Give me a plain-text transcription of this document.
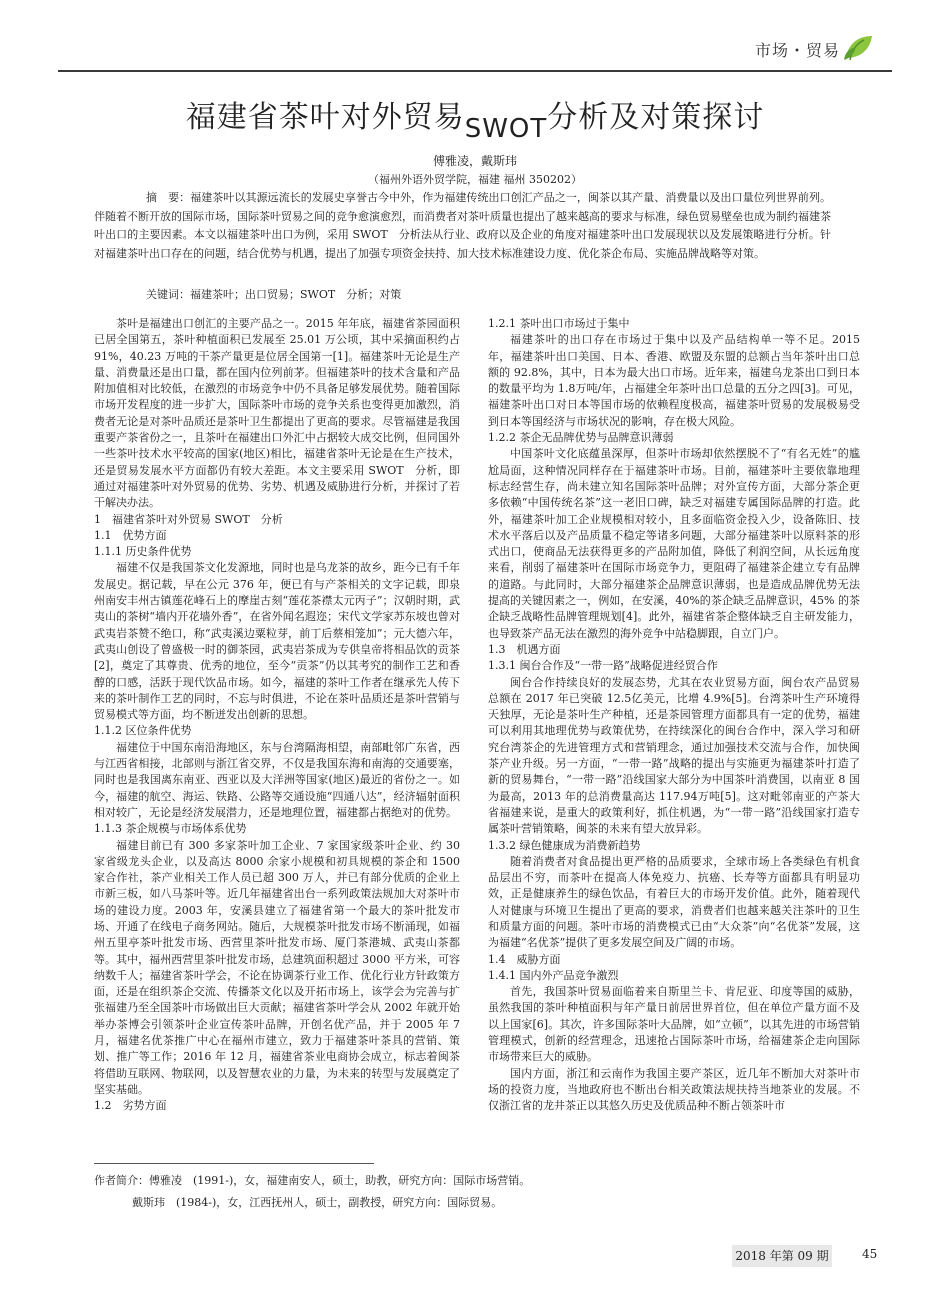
市场・贸易
福建省茶叶对外贸易SWOT分析及对策探讨
傅雅凌，戴斯玮
（福州外语外贸学院，福建 福州 350202）
摘　要：福建茶叶以其源远流长的发展史享誉古今中外，作为福建传统出口创汇产品之一，闽茶以其产量、消费量以及出口量位列世界前列。伴随着不断开放的国际市场，国际茶叶贸易之间的竞争愈演愈烈，而消费者对茶叶质量也提出了越来越高的要求与标准，绿色贸易壁垒也成为制约福建茶叶出口的主要因素。本文以福建茶叶出口为例，采用 SWOT　分析法从行业、政府以及企业的角度对福建茶叶出口发展现状以及发展策略进行分析。针对福建茶叶出口存在的问题，结合优势与机遇，提出了加强专项资金扶持、加大技术标准建设力度、优化茶企布局、实施品牌战略等对策。
关键词：福建茶叶；出口贸易；SWOT　分析；对策

茶叶是福建出口创汇的主要产品之一。2015 年年底，福建省茶园面积已居全国第五，茶叶种植面积已发展至 25.01 万公顷，其中采摘面积约占 91%，40.23 万吨的干茶产量更是位居全国第一[1]。福建茶叶无论是生产量、消费量还是出口量，都在国内位列前茅。但福建茶叶的技术含量和产品附加值相对比较低，在激烈的市场竞争中仍不具备足够发展优势。随着国际市场开发程度的进一步扩大，国际茶叶市场的竞争关系也变得更加激烈，消费者无论是对茶叶品质还是茶叶卫生都提出了更高的要求。尽管福建是我国重要产茶省份之一，且茶叶在福建出口外汇中占据较大成交比例，但同国外一些茶叶技术水平较高的国家(地区)相比，福建省茶叶无论是在生产技术，还是贸易发展水平方面都仍有较大差距。本文主要采用 SWOT　分析，即通过对福建茶叶对外贸易的优势、劣势、机遇及威胁进行分析，并探讨了若干解决办法。

1　福建省茶叶对外贸易 SWOT　分析
1.1　优势方面
1.1.1 历史条件优势

福建不仅是我国茶文化发源地，同时也是乌龙茶的故乡，距今已有千年发展史。据记载，早在公元 376 年，便已有与产茶相关的文字记载，即泉州南安丰州古镇莲花峰石上的摩崖古刻“莲花茶襟太元丙子”；汉朝时期，武夷山的茶树“墙内开花墙外香”，在省外闻名遐迩；宋代文学家苏东坡也曾对武夷岩茶赞不绝口，称“武夷溪边粟粒芽，前丁后蔡相笼加”；元大德六年，武夷山创设了曾盛极一时的御茶园，武夷岩茶成为专供皇帝将相品饮的贡茶[2]，奠定了其尊贵、优秀的地位，至今“贡茶”仍以其考究的制作工艺和香醇的口感，活跃于现代饮品市场。如今，福建的茶叶工作者在继承先人传下来的茶叶制作工艺的同时，不忘与时俱进，不论在茶叶品质还是茶叶营销与贸易模式等方面，均不断迸发出创新的思想。

1.1.2 区位条件优势

福建位于中国东南沿海地区，东与台湾隔海相望，南部毗邻广东省，西与江西省相接，北部则与浙江省交界，不仅是我国东海和南海的交通要塞，同时也是我国离东南亚、西亚以及大洋洲等国家(地区)最近的省份之一。如今，福建的航空、海运、铁路、公路等交通设施“四通八达”，经济辐射面积相对较广，无论是经济发展潜力，还是地理位置，福建都占据绝对的优势。

1.1.3 茶企规模与市场体系优势

福建目前已有 300 多家茶叶加工企业、7 家国家级茶叶企业、约 30 家省级龙头企业，以及高达 8000 余家小规模和初具规模的茶企和 1500 家合作社，茶产业相关工作人员已超 300 万人，并已有部分优质的企业上市新三板，如八马茶叶等。近几年福建省出台一系列政策法规加大对茶叶市场的建设力度。2003 年，安溪县建立了福建省第一个最大的茶叶批发市场、开通了在线电子商务网站。随后，大规模茶叶批发市场不断涌现，如福州五里亭茶叶批发市场、西营里茶叶批发市场、厦门茶港城、武夷山茶都等。其中，福州西营里茶叶批发市场，总建筑面积超过 3000 平方米，可容纳数千人；福建省茶叶学会，不论在协调茶行业工作、优化行业方针政策方面，还是在组织茶企交流、传播茶文化以及开拓市场上，该学会为完善与扩张福建乃至全国茶叶市场做出巨大贡献；福建省茶叶学会从 2002 年就开始举办茶博会引领茶叶企业宣传茶叶品牌，开创名优产品，并于 2005 年 7 月，福建名优茶推广中心在福州市建立，致力于福建茶叶茶具的营销、策划、推广等工作；2016 年 12 月，福建省茶业电商协会成立，标志着闽茶将借助互联网、物联网，以及智慧农业的力量，为未来的转型与发展奠定了坚实基础。

1.2　劣势方面
1.2.1 茶叶出口市场过于集中

福建茶叶的出口存在市场过于集中以及产品结构单一等不足。2015 年，福建茶叶出口美国、日本、香港、欧盟及东盟的总额占当年茶叶出口总额的 92.8%，其中，日本为最大出口市场。近年来，福建乌龙茶出口到日本的数量平均为 1.8万吨/年，占福建全年茶叶出口总量的五分之四[3]。可见，福建茶叶出口对日本等国市场的依赖程度极高，福建茶叶贸易的发展极易受到日本等国经济与市场状况的影响，存在极大风险。

1.2.2 茶企无品牌优势与品牌意识薄弱

中国茶叶文化底蕴虽深厚，但茶叶市场却依然摆脱不了“有名无姓”的尴尬局面，这种情况同样存在于福建茶叶市场。目前，福建茶叶主要依靠地理标志经营生存，尚未建立知名国际茶叶品牌；对外宣传方面，大部分茶企更多依赖“中国传统名茶”这一老旧口碑，缺乏对福建专属国际品牌的打造。此外，福建茶叶加工企业规模相对较小，且多面临资金投入少，设备陈旧、技术水平落后以及产品质量不稳定等诸多问题，大部分福建茶叶以原料茶的形式出口，使商品无法获得更多的产品附加值，降低了利润空间，从长远角度来看，削弱了福建茶叶在国际市场竞争力，更阻碍了福建茶企建立专有品牌的道路。与此同时，大部分福建茶企品牌意识薄弱，也是造成品牌优势无法提高的关键因素之一，例如，在安溪，40%的茶企缺乏品牌意识，45% 的茶企缺乏战略性品牌管理规划[4]。此外，福建省茶企整体缺乏自主研发能力，也导致茶产品无法在激烈的海外竞争中站稳脚跟，自立门户。

1.3　机遇方面
1.3.1 闽台合作及“一带一路”战略促进经贸合作

闽台合作持续良好的发展态势，尤其在农业贸易方面，闽台农产品贸易总额在 2017 年已突破 12.5亿美元，比增 4.9%[5]。台湾茶叶生产环境得天独厚，无论是茶叶生产种植，还是茶园管理方面都具有一定的优势，福建可以利用其地理优势与政策优势，在持续深化的闽台合作中，深入学习和研究台湾茶企的先进管理方式和营销理念，通过加强技术交流与合作，加快闽茶产业升级。另一方面，“一带一路”战略的提出与实施更为福建茶叶打造了新的贸易舞台，“一带一路”沿线国家大部分为中国茶叶消费国，以南亚 8 国为最高，2013 年的总消费量高达 117.94万吨[5]。这对毗邻南亚的产茶大省福建来说，是重大的政策利好，抓住机遇，为“一带一路”沿线国家打造专属茶叶营销策略，闽茶的未来有望大放异彩。

1.3.2 绿色健康成为消费新趋势

随着消费者对食品提出更严格的品质要求，全球市场上各类绿色有机食品层出不穷，而茶叶在提高人体免疫力、抗癌、长寿等方面都具有明显功效，正是健康养生的绿色饮品，有着巨大的市场开发价值。此外，随着现代人对健康与环境卫生提出了更高的要求，消费者们也越来越关注茶叶的卫生和质量方面的问题。茶叶市场的消费模式已由“大众茶”向“名优茶”发展，这为福建“名优茶”提供了更多发展空间及广阔的市场。

1.4　威胁方面
1.4.1 国内外产品竞争激烈

首先，我国茶叶贸易面临着来自斯里兰卡、肯尼亚、印度等国的威胁，虽然我国的茶叶种植面积与年产量日前居世界首位，但在单位产量方面不及以上国家[6]。其次，许多国际茶叶大品牌，如“立顿”，以其先进的市场营销管理模式，创新的经营理念，迅速抢占国际茶叶市场，给福建茶企走向国际市场带来巨大的威胁。

国内方面，浙江和云南作为我国主要产茶区，近几年不断加大对茶叶市场的投资力度，当地政府也不断出台相关政策法规扶持当地茶业的发展。不仅浙江省的龙井茶正以其悠久历史及优质品种不断占领茶叶市

作者简介：傅雅凌　(1991-)，女，福建南安人，硕士，助教，研究方向：国际市场营销。
戴斯玮　(1984-)，女，江西抚州人，硕士，副教授，研究方向：国际贸易。
2018 年第 09 期	45
